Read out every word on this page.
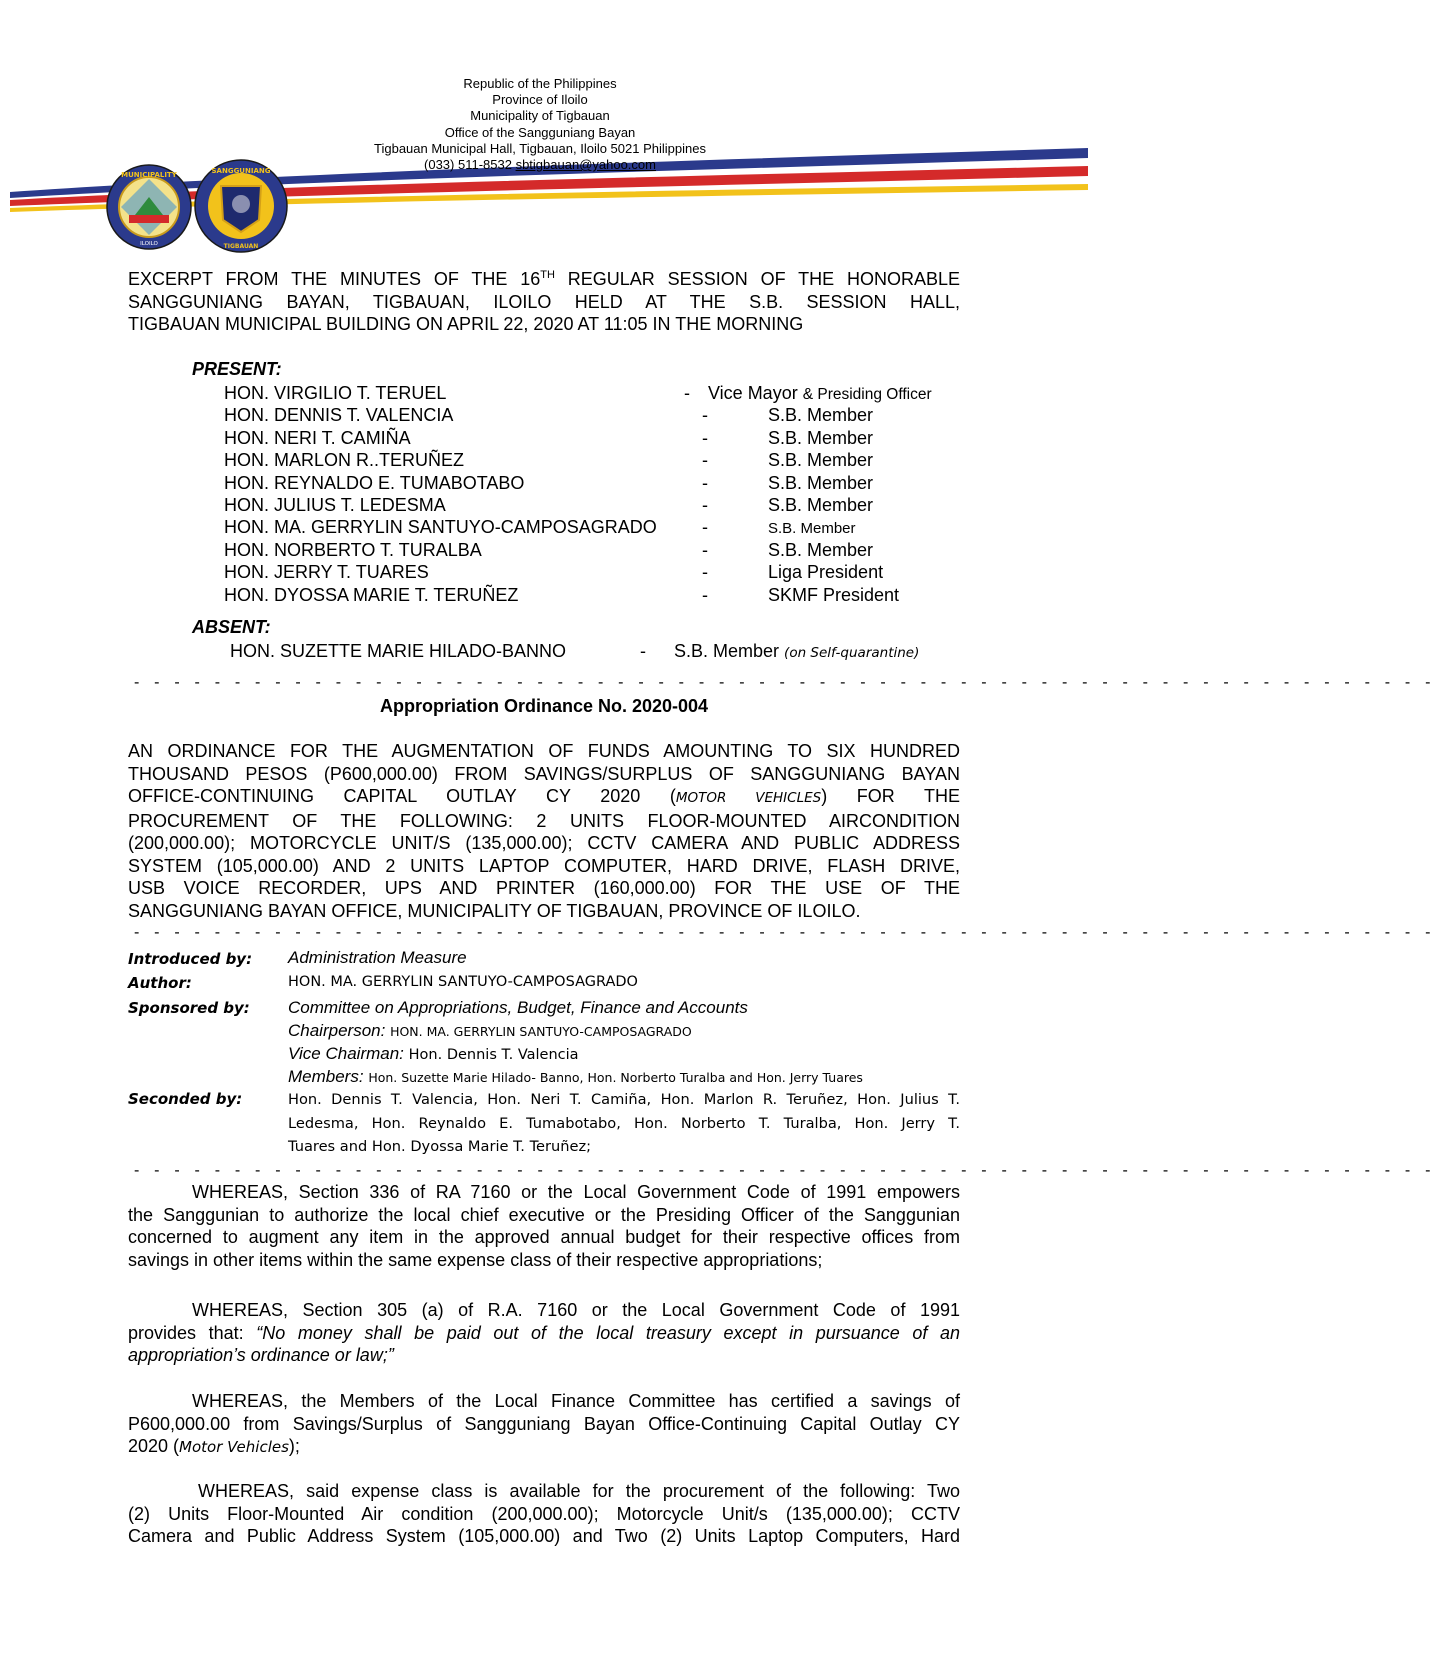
MUNICIPALITY
ILOILO
SANGGUNIANG
TIGBAUAN
Republic of the Philippines
Province of Iloilo
Municipality of Tigbauan
Office of the Sangguniang Bayan
Tigbauan Municipal Hall, Tigbauan, Iloilo 5021 Philippines
(033) 511-8532 sbtigbauan@yahoo.com
EXCERPT FROM THE MINUTES OF THE 16TH REGULAR SESSION OF THE HONORABLE
SANGGUNIANG BAYAN, TIGBAUAN, ILOILO HELD AT THE S.B. SESSION HALL,
TIGBAUAN MUNICIPAL BUILDING ON APRIL 22, 2020 AT 11:05 IN THE MORNING
PRESENT:
HON. VIRGILIO T. TERUEL	- Vice Mayor & Presiding Officer
HON. DENNIS T. VALENCIA	-	S.B. Member
HON. NERI T. CAMIÑA	-	S.B. Member
HON. MARLON R..TERUÑEZ	-	S.B. Member
HON. REYNALDO E. TUMABOTABO	-	S.B. Member
HON. JULIUS T. LEDESMA	-	S.B. Member
HON. MA. GERRYLIN SANTUYO-CAMPOSAGRADO	-	S.B. Member
HON. NORBERTO T. TURALBA	-	S.B. Member
HON. JERRY T. TUARES	-	Liga President
HON. DYOSSA MARIE T. TERUÑEZ	-	SKMF President
ABSENT:
HON. SUZETTE MARIE HILADO-BANNO	- S.B. Member (on Self-quarantine)
- - - - - - - - - - - - - - - - - - - - - - - - - - - - - - - - - - - - - - - - - - - - - - - - - - - - - - - - - - - - - - - - -
Appropriation Ordinance No. 2020-004
AN ORDINANCE FOR THE AUGMENTATION OF FUNDS AMOUNTING TO SIX HUNDRED
THOUSAND PESOS (P600,000.00) FROM SAVINGS/SURPLUS OF SANGGUNIANG BAYAN
OFFICE-CONTINUING CAPITAL OUTLAY CY 2020 (MOTOR VEHICLES) FOR THE
PROCUREMENT OF THE FOLLOWING: 2 UNITS FLOOR-MOUNTED AIRCONDITION
(200,000.00); MOTORCYCLE UNIT/S (135,000.00); CCTV CAMERA AND PUBLIC ADDRESS
SYSTEM (105,000.00) AND 2 UNITS LAPTOP COMPUTER, HARD DRIVE, FLASH DRIVE,
USB VOICE RECORDER, UPS AND PRINTER (160,000.00) FOR THE USE OF THE
SANGGUNIANG BAYAN OFFICE, MUNICIPALITY OF TIGBAUAN, PROVINCE OF ILOILO.
- - - - - - - - - - - - - - - - - - - - - - - - - - - - - - - - - - - - - - - - - - - - - - - - - - - - - - - - - - - - - - - - -
Introduced by: Administration Measure
Author:	HON. MA. GERRYLIN SANTUYO-CAMPOSAGRADO
Sponsored by: Committee on Appropriations, Budget, Finance and Accounts
Chairperson: HON. MA. GERRYLIN SANTUYO-CAMPOSAGRADO
Vice Chairman: Hon. Dennis T. Valencia
Members: Hon. Suzette Marie Hilado- Banno, Hon. Norberto Turalba and Hon. Jerry Tuares
Seconded by:	Hon. Dennis T. Valencia, Hon. Neri T. Camiña, Hon. Marlon R. Teruñez, Hon. Julius T.
Ledesma, Hon. Reynaldo E. Tumabotabo, Hon. Norberto T. Turalba, Hon. Jerry T.
Tuares and Hon. Dyossa Marie T. Teruñez;
- - - - - - - - - - - - - - - - - - - - - - - - - - - - - - - - - - - - - - - - - - - - - - - - - - - - - - - - - - - - - - - - -
WHEREAS, Section 336 of RA 7160 or the Local Government Code of 1991 empowers
the Sanggunian to authorize the local chief executive or the Presiding Officer of the Sanggunian
concerned to augment any item in the approved annual budget for their respective offices from
savings in other items within the same expense class of their respective appropriations;
WHEREAS, Section 305 (a) of R.A. 7160 or the Local Government Code of 1991
provides that: “No money shall be paid out of the local treasury except in pursuance of an
appropriation’s ordinance or law;”
WHEREAS, the Members of the Local Finance Committee has certified a savings of
P600,000.00 from Savings/Surplus of Sangguniang Bayan Office-Continuing Capital Outlay CY
2020 (Motor Vehicles);
WHEREAS, said expense class is available for the procurement of the following: Two
(2) Units Floor-Mounted Air condition (200,000.00); Motorcycle Unit/s (135,000.00); CCTV
Camera and Public Address System (105,000.00) and Two (2) Units Laptop Computers, Hard
